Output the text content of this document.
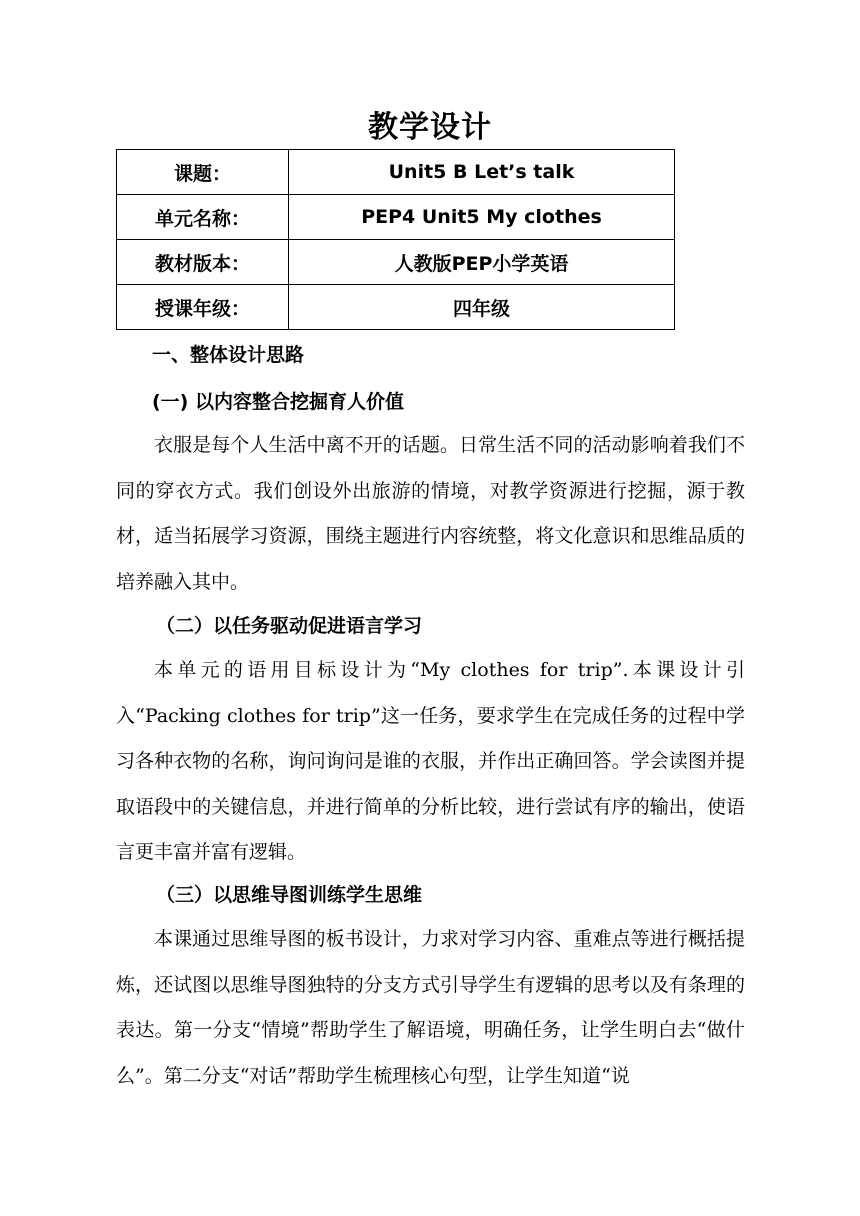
教学设计
课题：	Unit5 B Let’s talk
单元名称：	PEP4 Unit5 My clothes
教材版本：	人教版PEP小学英语
授课年级：	四年级
一、整体设计思路
(一) 以内容整合挖掘育人价值

衣服是每个人生活中离不开的话题。日常生活不同的活动影响着我们不同的穿衣方式。我们创设外出旅游的情境，对教学资源进行挖掘，源于教材，适当拓展学习资源，围绕主题进行内容统整，将文化意识和思维品质的培养融入其中。

（二）以任务驱动促进语言学习

本单元的语用目标设计为“My clothes for trip”.本课设计引入“Packing clothes for trip”这一任务，要求学生在完成任务的过程中学习各种衣物的名称，询问询问是谁的衣服，并作出正确回答。学会读图并提取语段中的关键信息，并进行简单的分析比较，进行尝试有序的输出，使语言更丰富并富有逻辑。

（三）以思维导图训练学生思维

本课通过思维导图的板书设计，力求对学习内容、重难点等进行概括提炼，还试图以思维导图独特的分支方式引导学生有逻辑的思考以及有条理的表达。第一分支“情境”帮助学生了解语境，明确任务，让学生明白去“做什么”。第二分支“对话”帮助学生梳理核心句型，让学生知道“说
